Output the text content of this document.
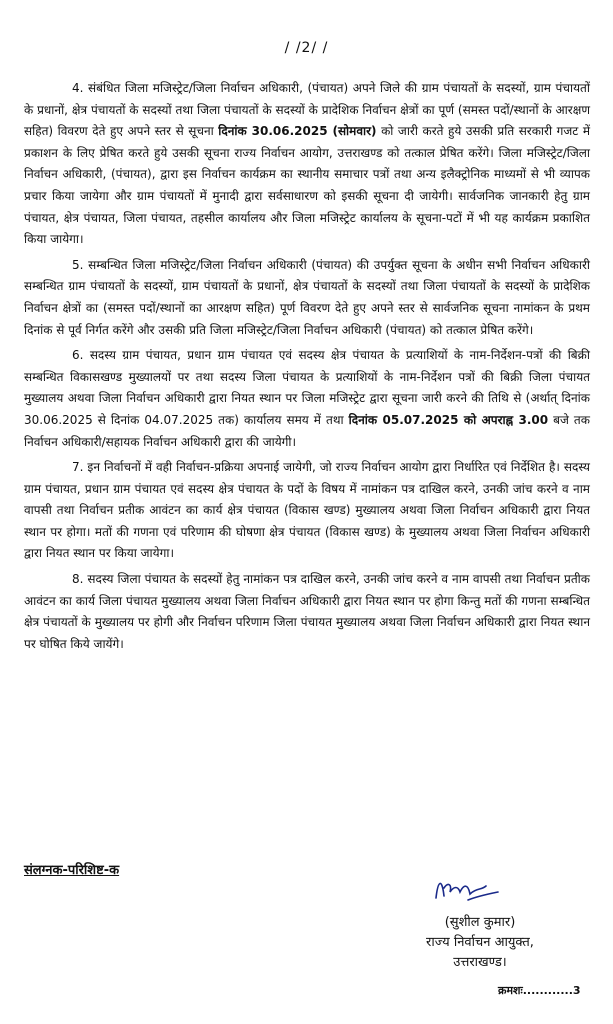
/ /2/ /

4. संबंधित जिला मजिस्ट्रेट/जिला निर्वाचन अधिकारी, (पंचायत) अपने जिले की ग्राम पंचायतों के सदस्यों, ग्राम पंचायतों के प्रधानों, क्षेत्र पंचायतों के सदस्यों तथा जिला पंचायतों के सदस्यों के प्रादेशिक निर्वाचन क्षेत्रों का पूर्ण (समस्त पदों/स्थानों के आरक्षण सहित) विवरण देते हुए अपने स्तर से सूचना दिनांक 30.06.2025 (सोमवार) को जारी करते हुये उसकी प्रति सरकारी गजट में प्रकाशन के लिए प्रेषित करते हुये उसकी सूचना राज्य निर्वाचन आयोग, उत्तराखण्ड को तत्काल प्रेषित करेंगे। जिला मजिस्ट्रेट/जिला निर्वाचन अधिकारी, (पंचायत), द्वारा इस निर्वाचन कार्यक्रम का स्थानीय समाचार पत्रों तथा अन्य इलैक्ट्रोनिक माध्यमों से भी व्यापक प्रचार किया जायेगा और ग्राम पंचायतों में मुनादी द्वारा सर्वसाधारण को इसकी सूचना दी जायेगी। सार्वजनिक जानकारी हेतु ग्राम पंचायत, क्षेत्र पंचायत, जिला पंचायत, तहसील कार्यालय और जिला मजिस्ट्रेट कार्यालय के सूचना-पटों में भी यह कार्यक्रम प्रकाशित किया जायेगा।

5. सम्बन्धित जिला मजिस्ट्रेट/जिला निर्वाचन अधिकारी (पंचायत) की उपर्युक्त सूचना के अधीन सभी निर्वाचन अधिकारी सम्बन्धित ग्राम पंचायतों के सदस्यों, ग्राम पंचायतों के प्रधानों, क्षेत्र पंचायतों के सदस्यों तथा जिला पंचायतों के सदस्यों के प्रादेशिक निर्वाचन क्षेत्रों का (समस्त पदों/स्थानों का आरक्षण सहित) पूर्ण विवरण देते हुए अपने स्तर से सार्वजनिक सूचना नामांकन के प्रथम दिनांक से पूर्व निर्गत करेंगे और उसकी प्रति जिला मजिस्ट्रेट/जिला निर्वाचन अधिकारी (पंचायत) को तत्काल प्रेषित करेंगे।

6. सदस्य ग्राम पंचायत, प्रधान ग्राम पंचायत एवं सदस्य क्षेत्र पंचायत के प्रत्याशियों के नाम-निर्देशन-पत्रों की बिक्री सम्बन्धित विकासखण्ड मुख्यालयों पर तथा सदस्य जिला पंचायत के प्रत्याशियों के नाम-निर्देशन पत्रों की बिक्री जिला पंचायत मुख्यालय अथवा जिला निर्वाचन अधिकारी द्वारा नियत स्थान पर जिला मजिस्ट्रेट द्वारा सूचना जारी करने की तिथि से (अर्थात् दिनांक 30.06.2025 से दिनांक 04.07.2025 तक) कार्यालय समय में तथा दिनांक 05.07.2025 को अपराह्न 3.00 बजे तक निर्वाचन अधिकारी/सहायक निर्वाचन अधिकारी द्वारा की जायेगी।

7. इन निर्वाचनों में वही निर्वाचन-प्रक्रिया अपनाई जायेगी, जो राज्य निर्वाचन आयोग द्वारा निर्धारित एवं निर्देशित है। सदस्य ग्राम पंचायत, प्रधान ग्राम पंचायत एवं सदस्य क्षेत्र पंचायत के पदों के विषय में नामांकन पत्र दाखिल करने, उनकी जांच करने व नाम वापसी तथा निर्वाचन प्रतीक आवंटन का कार्य क्षेत्र पंचायत (विकास खण्ड) मुख्यालय अथवा जिला निर्वाचन अधिकारी द्वारा नियत स्थान पर होगा। मतों की गणना एवं परिणाम की घोषणा क्षेत्र पंचायत (विकास खण्ड) के मुख्यालय अथवा जिला निर्वाचन अधिकारी द्वारा नियत स्थान पर किया जायेगा।

8. सदस्य जिला पंचायत के सदस्यों हेतु नामांकन पत्र दाखिल करने, उनकी जांच करने व नाम वापसी तथा निर्वाचन प्रतीक आवंटन का कार्य जिला पंचायत मुख्यालय अथवा जिला निर्वाचन अधिकारी द्वारा नियत स्थान पर होगा किन्तु मतों की गणना सम्बन्धित क्षेत्र पंचायतों के मुख्यालय पर होगी और निर्वाचन परिणाम जिला पंचायत मुख्यालय अथवा जिला निर्वाचन अधिकारी द्वारा नियत स्थान पर घोषित किये जायेंगे।

संलग्नक-परिशिष्ट-क
(सुशील कुमार)
राज्य निर्वाचन आयुक्त,
उत्तराखण्ड।
क्रमशः............3
